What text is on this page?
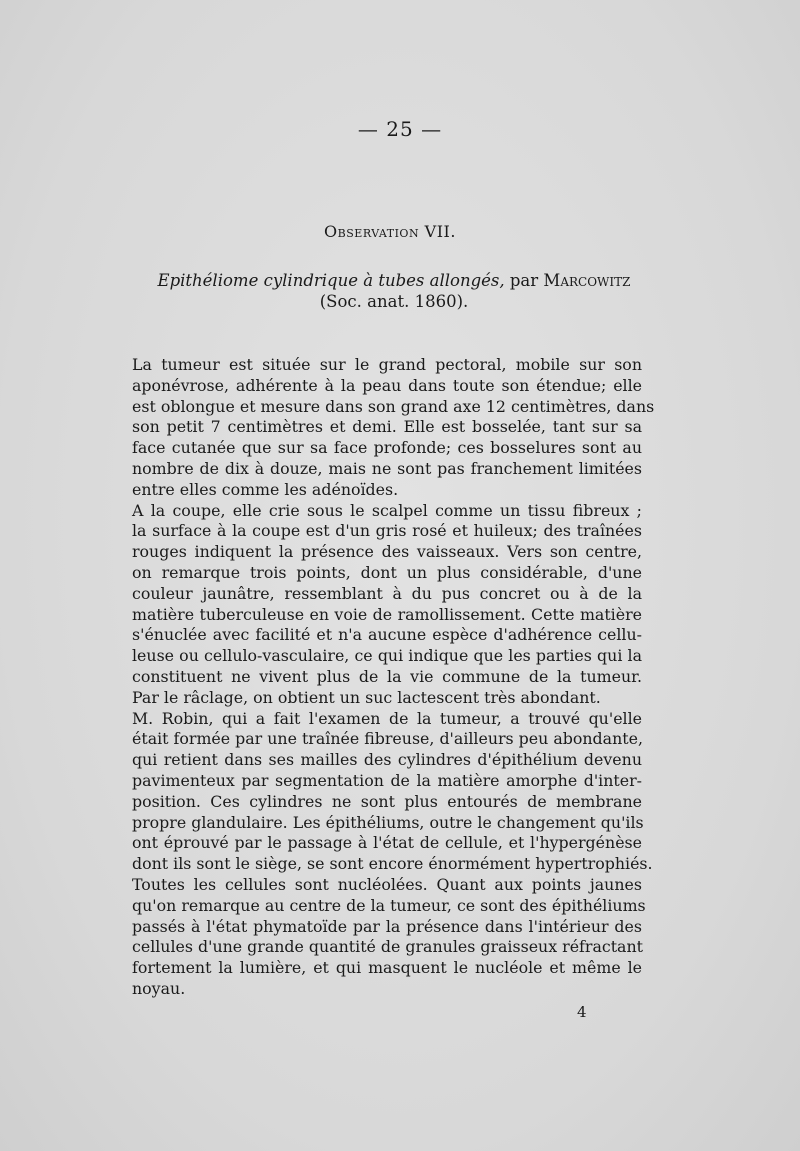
— 25 —
Observation VII.
Epithéliome cylindrique à tubes allongés, par Marcowitz
(Soc. anat. 1860).
La tumeur est située sur le grand pectoral, mobile sur son
aponévrose, adhérente à la peau dans toute son étendue; elle
est oblongue et mesure dans son grand axe 12 centimètres, dans
son petit 7 centimètres et demi. Elle est bosselée, tant sur sa
face cutanée que sur sa face profonde; ces bosselures sont au
nombre de dix à douze, mais ne sont pas franchement limitées
entre elles comme les adénoïdes.
A la coupe, elle crie sous le scalpel comme un tissu fibreux ;
la surface à la coupe est d'un gris rosé et huileux; des traînées
rouges indiquent la présence des vaisseaux. Vers son centre,
on remarque trois points, dont un plus considérable, d'une
couleur jaunâtre, ressemblant à du pus concret ou à de la
matière tuberculeuse en voie de ramollissement. Cette matière
s'énuclée avec facilité et n'a aucune espèce d'adhérence cellu-
leuse ou cellulo-vasculaire, ce qui indique que les parties qui la
constituent ne vivent plus de la vie commune de la tumeur.
Par le râclage, on obtient un suc lactescent très abondant.
M. Robin, qui a fait l'examen de la tumeur, a trouvé qu'elle
était formée par une traînée fibreuse, d'ailleurs peu abondante,
qui retient dans ses mailles des cylindres d'épithélium devenu
pavimenteux par segmentation de la matière amorphe d'inter-
position. Ces cylindres ne sont plus entourés de membrane
propre glandulaire. Les épithéliums, outre le changement qu'ils
ont éprouvé par le passage à l'état de cellule, et l'hypergénèse
dont ils sont le siège, se sont encore énormément hypertrophiés.
Toutes les cellules sont nucléolées. Quant aux points jaunes
qu'on remarque au centre de la tumeur, ce sont des épithéliums
passés à l'état phymatoïde par la présence dans l'intérieur des
cellules d'une grande quantité de granules graisseux réfractant
fortement la lumière, et qui masquent le nucléole et même le
noyau.
4
